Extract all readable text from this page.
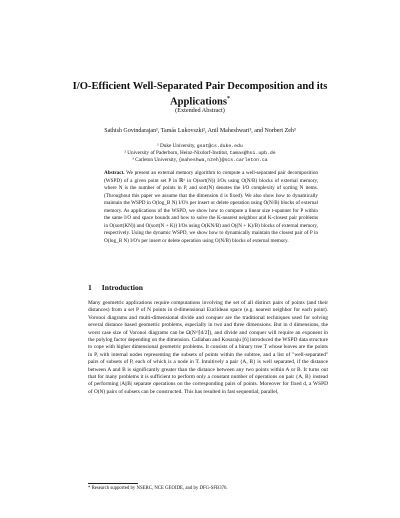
I/O-Efficient Well-Separated Pair Decomposition and its
Applications*
(Extended Abstract)
Sathish Govindarajan¹, Tamás Lukovszki², Anil Maheshwari³, and Norbert Zeh³
¹ Duke University, gsat@cs.duke.edu
² University of Paderborn, Heinz-Nixdorf-Institut, tamas@hni.upb.de
³ Carleton University, {maheshwa,nzeh}@scs.carleton.ca
Abstract. We present an external memory algorithm to compute a well-separated pair decomposition (WSPD) of a given point set P in ℝᵈ in O(sort(N)) I/Os using O(N/B) blocks of external memory, where N is the number of points in P, and sort(N) denotes the I/O complexity of sorting N items. (Throughout this paper we assume that the dimension d is fixed). We also show how to dynamically maintain the WSPD in O(log_B N) I/O's per insert or delete operation using O(N/B) blocks of external memory. As applications of the WSPD, we show how to compute a linear size t-spanner for P within the same I/O and space bounds and how to solve the K-nearest neighbor and K-closest pair problems in O(sort(KN)) and O(sort(N + K)) I/Os using O(KN/B) and O((N + K)/B) blocks of external memory, respectively. Using the dynamic WSPD, we show how to dynamically maintain the closest pair of P in O(log_B N) I/O's per insert or delete operation using O(N/B) blocks of external memory.
1 Introduction
Many geometric applications require computations involving the set of all distinct pairs of points (and their distances) from a set P of N points in d-dimensional Euclidean space (e.g. nearest neighbor for each point). Voronoi diagrams and multi-dimensional divide and conquer are the traditional techniques used for solving several distance based geometric problems, especially in two and three dimensions. But in d dimensions, the worst case size of Voronoi diagrams can be Ω(N^⌈d/2⌉), and divide and conquer will require an exponent in the polylog factor depending on the dimension. Callahan and Kosaraju [6] introduced the WSPD data structure to cope with higher dimensional geometric problems. It consists of a binary tree T whose leaves are the points in P, with internal nodes representing the subsets of points within the subtree, and a list of "well-separated" pairs of subsets of P, each of which is a node in T. Intuitively a pair {A, B} is well separated, if the distance between A and B is significantly greater than the distance between any two points within A or B. It turns out that for many problems it is sufficient to perform only a constant number of operations on pair {A, B} instead of performing |A||B| separate operations on the corresponding pairs of points. Moreover for fixed d, a WSPD of O(N) pairs of subsets can be constructed. This has resulted in fast sequential, parallel,
* Research supported by NSERC, NCE GEOIDE, and by DFG-SFB376.
